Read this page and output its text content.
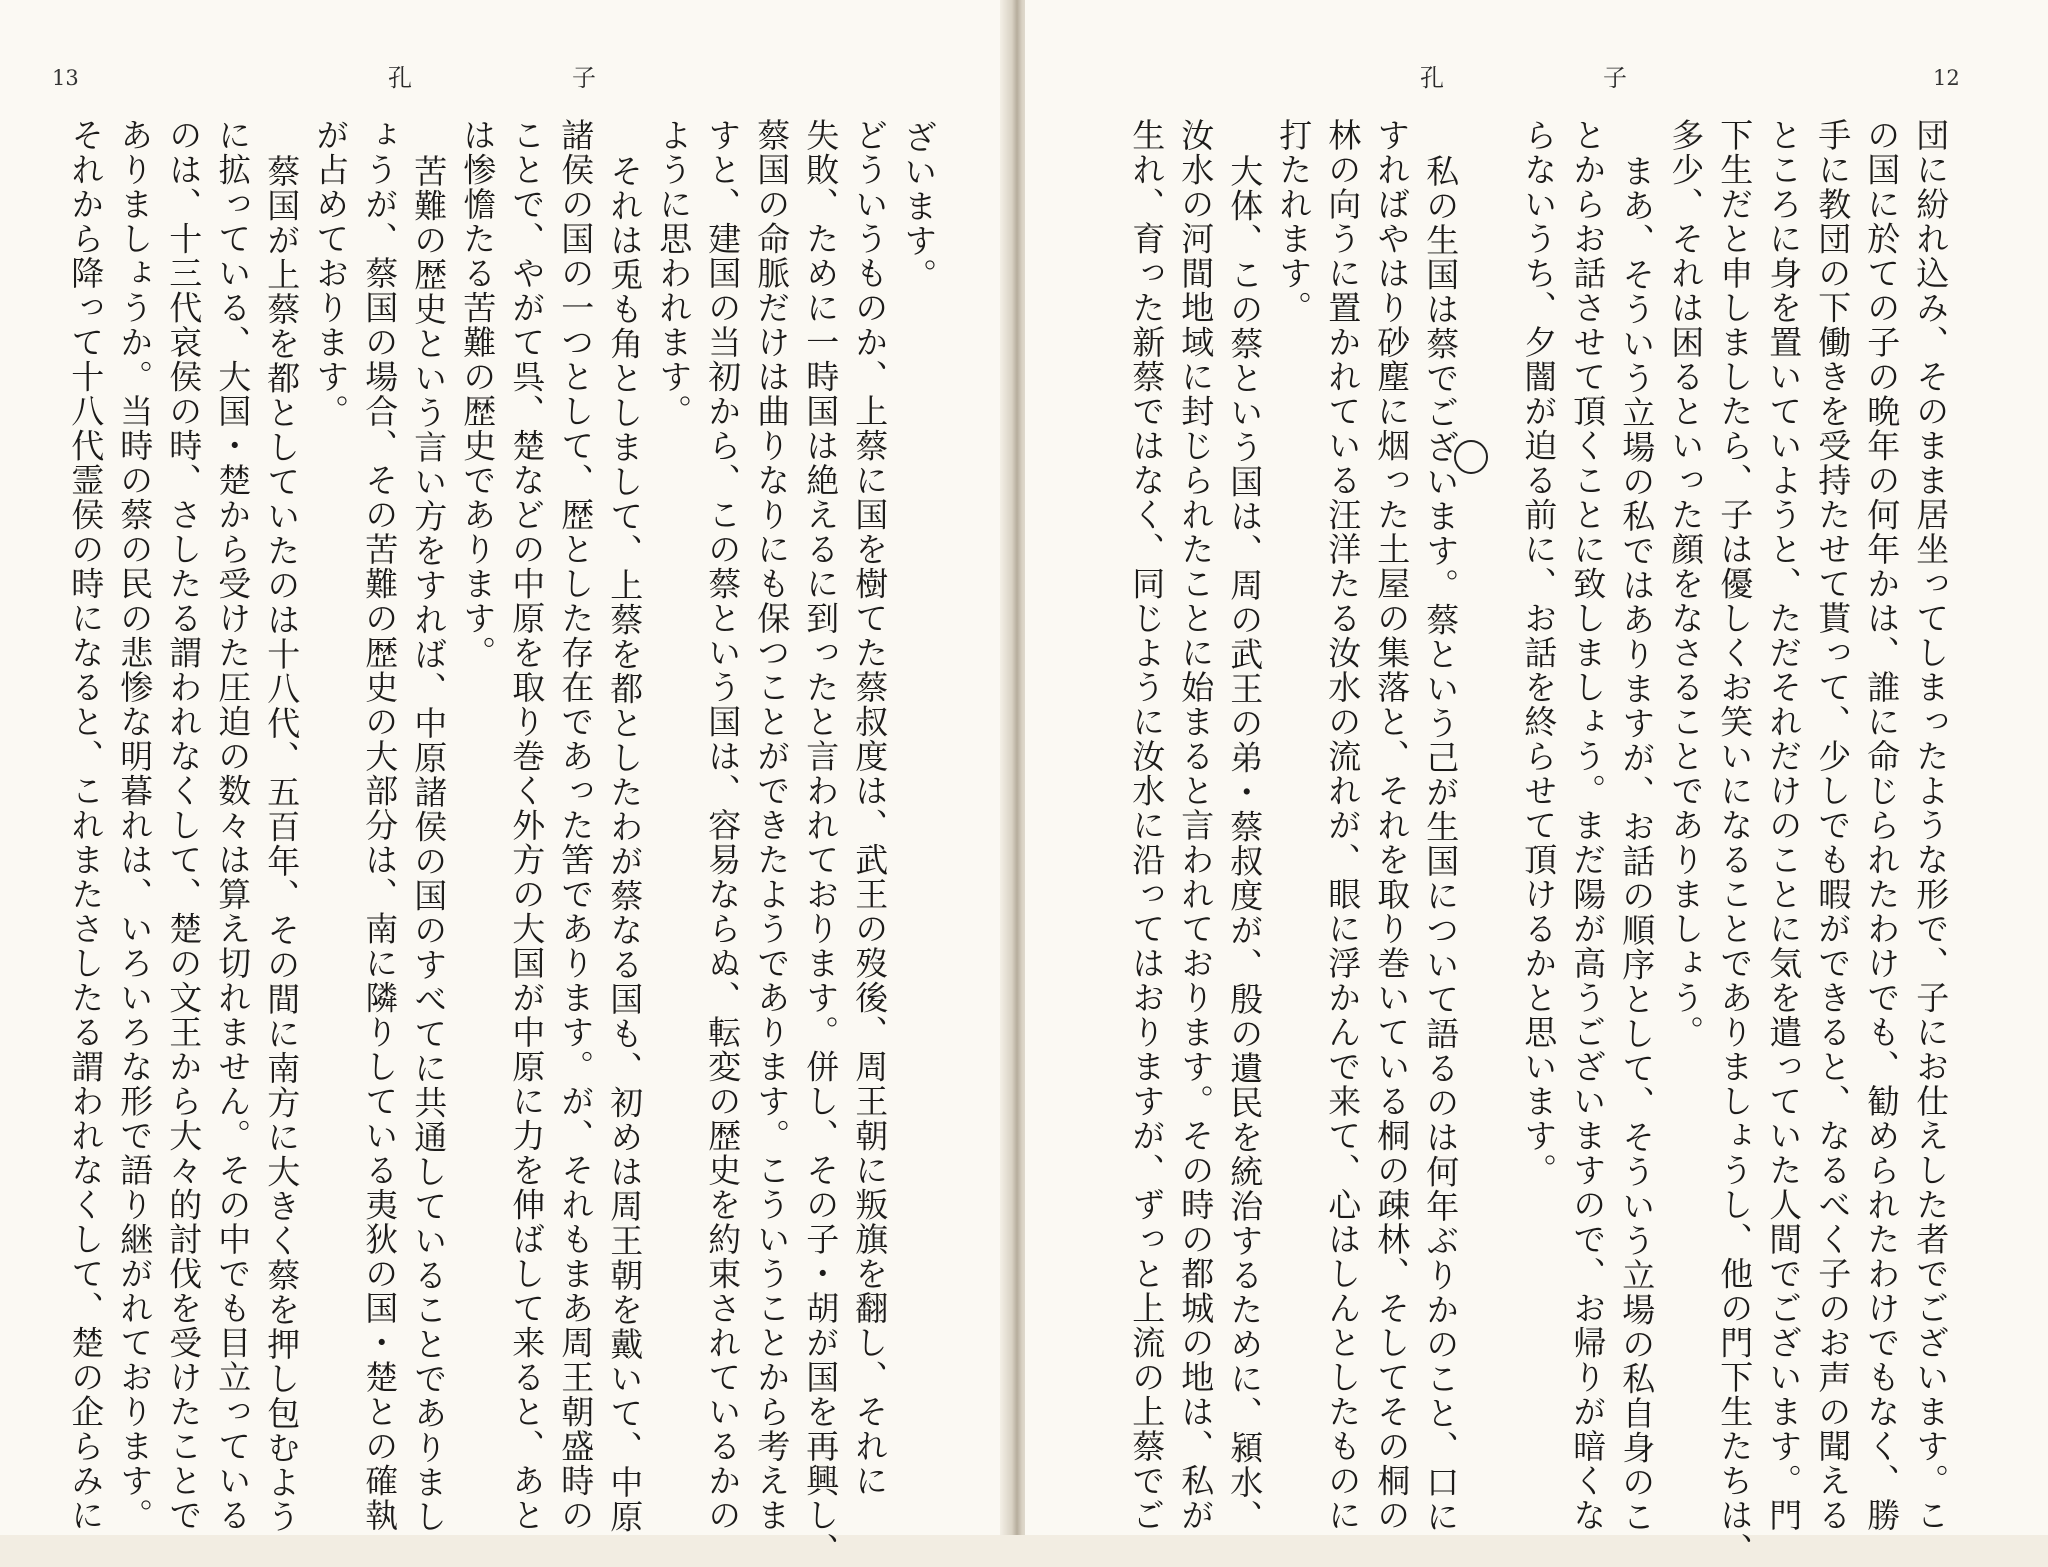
13	孔	子
ざいます。
どういうものか、上蔡に国を樹てた蔡叔度は、武王の歿後、周王朝に叛旗を翻し、それに
失敗、ために一時国は絶えるに到ったと言われております。併し、その子・胡が国を再興し、
蔡国の命脈だけは曲りなりにも保つことができたようであります。こういうことから考えま
すと、建国の当初から、この蔡という国は、容易ならぬ、転変の歴史を約束されているかの
ように思われます。
それは兎も角としまして、上蔡を都としたわが蔡なる国も、初めは周王朝を戴いて、中原
諸侯の国の一つとして、歴とした存在であった筈であります。が、それもまあ周王朝盛時の
ことで、やがて呉、楚などの中原を取り巻く外方の大国が中原に力を伸ばして来ると、あと
は惨憺たる苦難の歴史であります。
苦難の歴史という言い方をすれば、中原諸侯の国のすべてに共通していることでありまし
ょうが、蔡国の場合、その苦難の歴史の大部分は、南に隣りしている夷狄の国・楚との確執
が占めております。
蔡国が上蔡を都としていたのは十八代、五百年、その間に南方に大きく蔡を押し包むよう
に拡っている、大国・楚から受けた圧迫の数々は算え切れません。その中でも目立っている
のは、十三代哀侯の時、さしたる謂われなくして、楚の文王から大々的討伐を受けたことで
ありましょうか。当時の蔡の民の悲惨な明暮れは、いろいろな形で語り継がれております。
それから降って十八代霊侯の時になると、これまたさしたる謂われなくして、楚の企らみに
12
孔	子
団に紛れ込み、そのまま居坐ってしまったような形で、子にお仕えした者でございます。こ
の国に於ての子の晩年の何年かは、誰に命じられたわけでも、勧められたわけでもなく、勝
手に教団の下働きを受持たせて貰って、少しでも暇ができると、なるべく子のお声の聞える
ところに身を置いていようと、ただそれだけのことに気を遣っていた人間でございます。門
下生だと申しましたら、子は優しくお笑いになることでありましょうし、他の門下生たちは、
多少、それは困るといった顔をなさることでありましょう。
まあ、そういう立場の私ではありますが、お話の順序として、そういう立場の私自身のこ
とからお話させて頂くことに致しましょう。まだ陽が高うございますので、お帰りが暗くな
らないうち、夕闇が迫る前に、お話を終らせて頂けるかと思います。
私の生国は蔡でございます。蔡という己が生国について語るのは何年ぶりかのこと、口に
すればやはり砂塵に烟った土屋の集落と、それを取り巻いている桐の疎林、そしてその桐の
林の向うに置かれている汪洋たる汝水の流れが、眼に浮かんで来て、心はしんとしたものに
打たれます。
大体、この蔡という国は、周の武王の弟・蔡叔度が、殷の遺民を統治するために、潁水、
汝水の河間地域に封じられたことに始まると言われております。その時の都城の地は、私が
生れ、育った新蔡ではなく、同じように汝水に沿ってはおりますが、ずっと上流の上蔡でご
